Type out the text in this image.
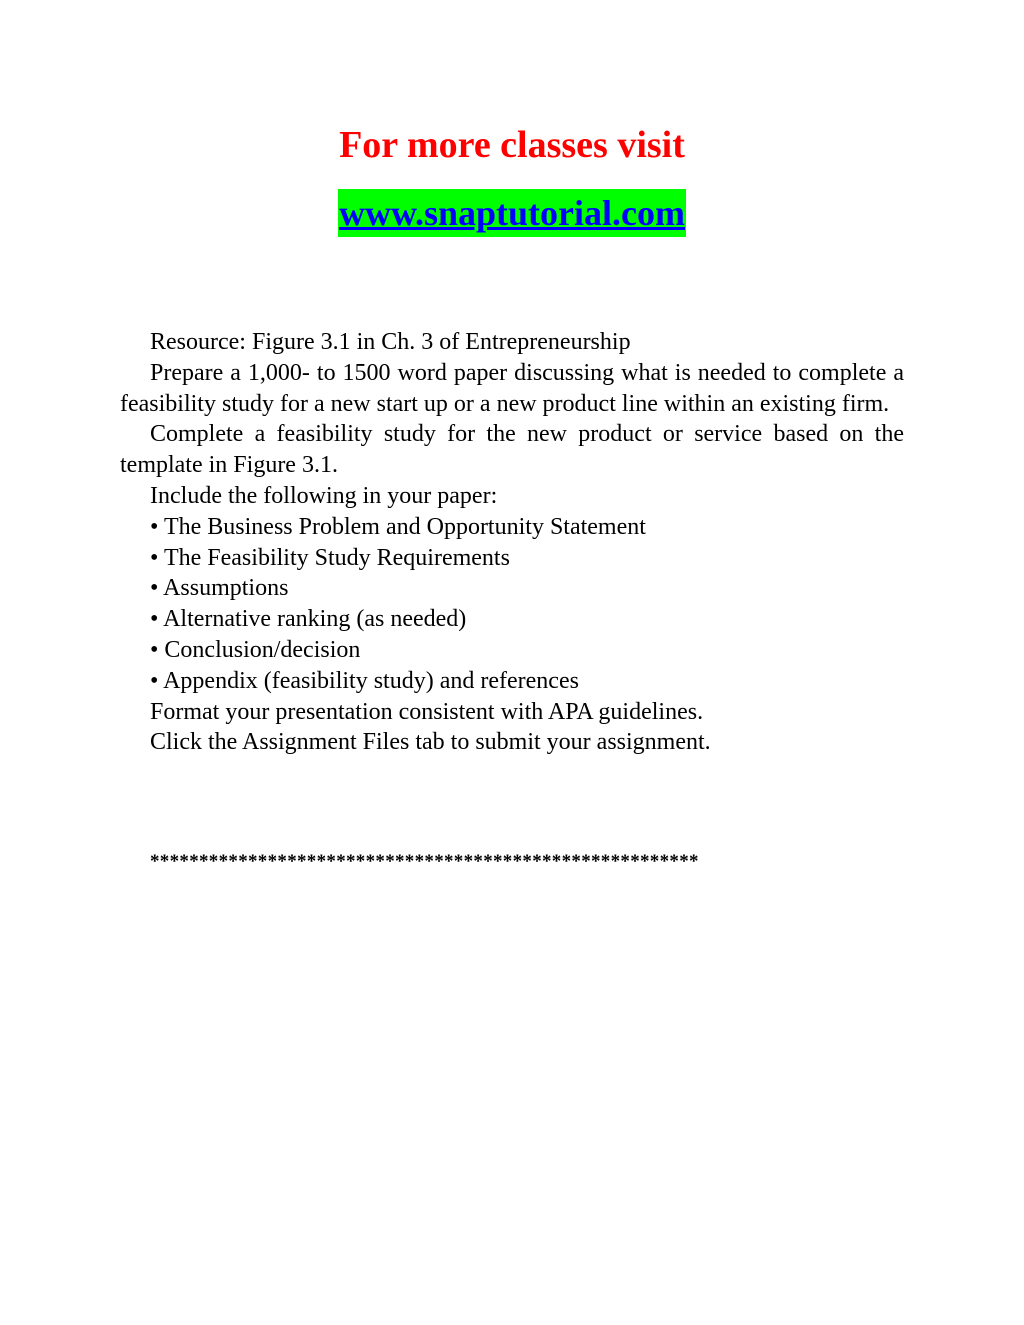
For more classes visit
www.snaptutorial.com

Resource: Figure 3.1 in Ch. 3 of Entrepreneurship

Prepare a 1,000- to 1500 word paper discussing what is needed to complete a feasibility study for a new start up or a new product line within an existing firm.

Complete a feasibility study for the new product or service based on the template in Figure 3.1.

Include the following in your paper:

• The Business Problem and Opportunity Statement
• The Feasibility Study Requirements
• Assumptions
• Alternative ranking (as needed)
• Conclusion/decision
• Appendix (feasibility study) and references

Format your presentation consistent with APA guidelines.

Click the Assignment Files tab to submit your assignment.

********************************************************
